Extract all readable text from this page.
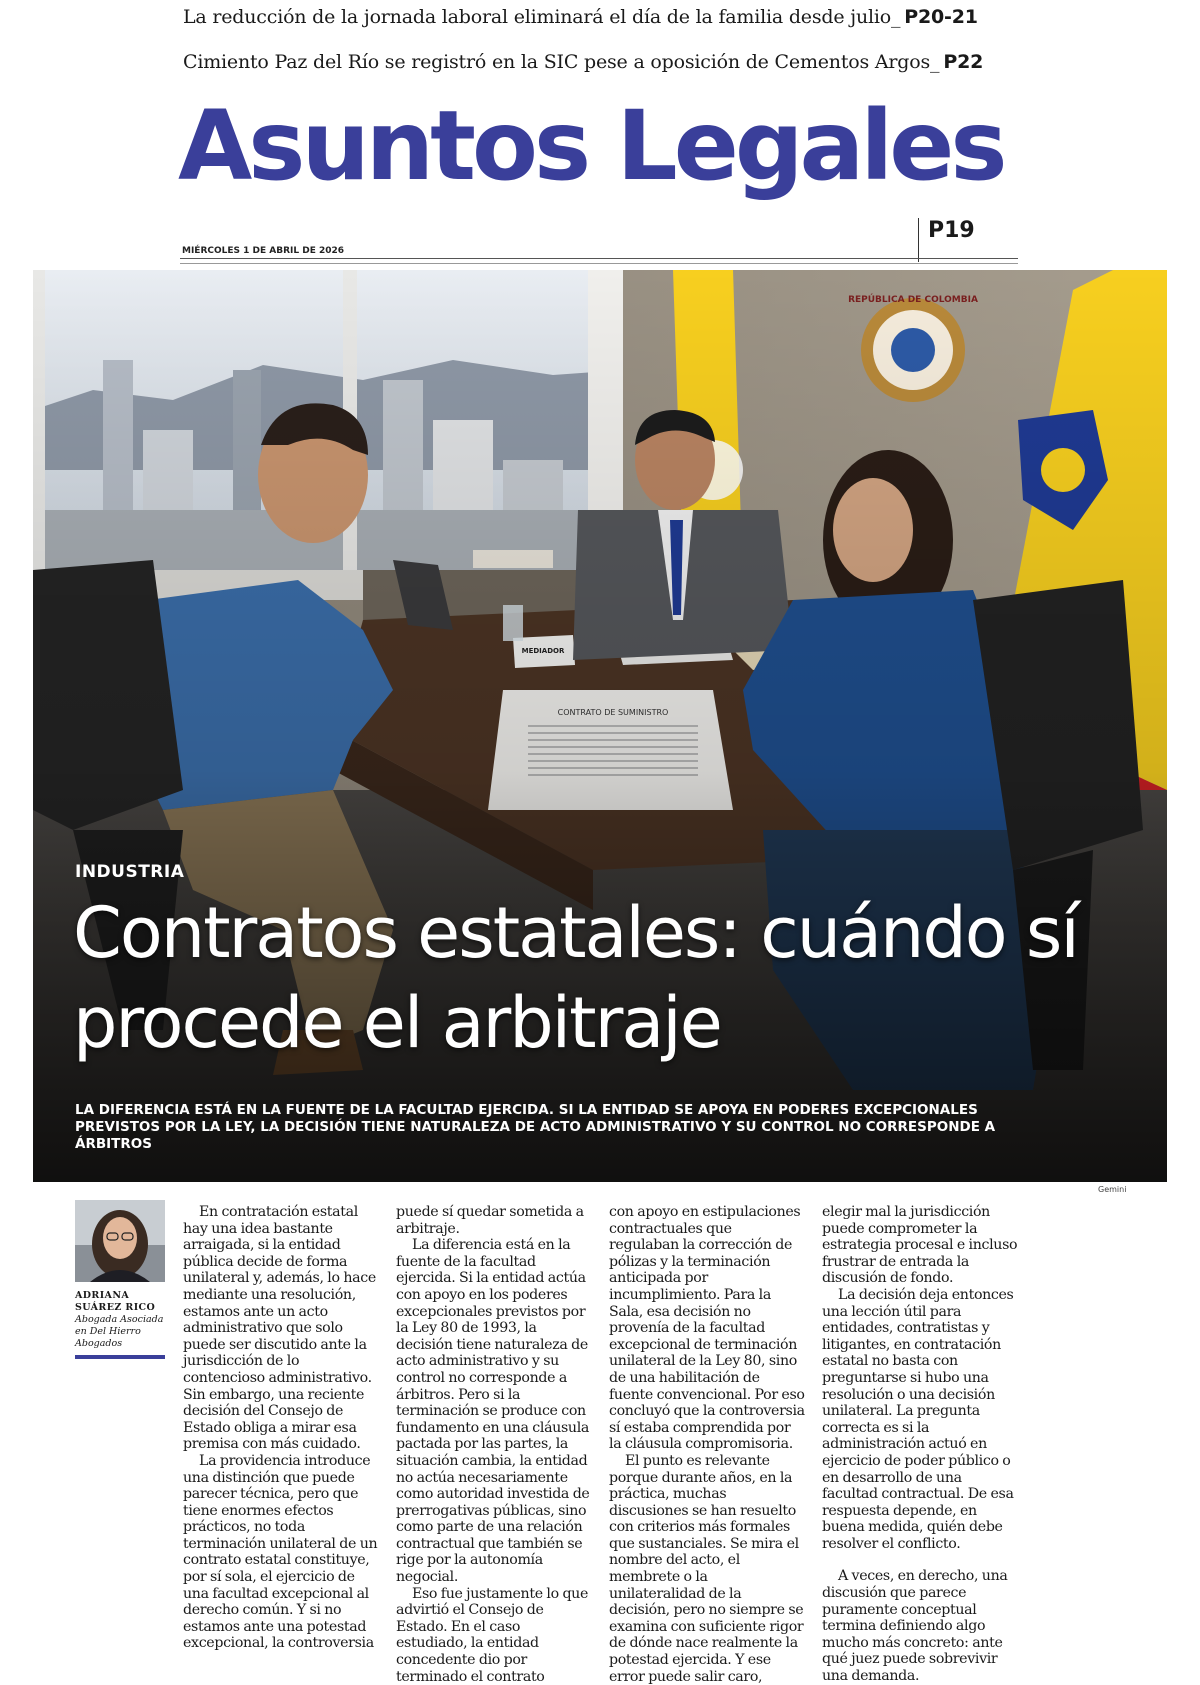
La reducción de la jornada laboral eliminará el día de la familia desde julio_ P20-21
Cimiento Paz del Río se registró en la SIC pese a oposición de Cementos Argos_ P22
Asuntos Legales
P19
MIÉRCOLES 1 DE ABRIL DE 2026
INDUSTRIA
Contratos estatales: cuándo sí procede el arbitraje
LA DIFERENCIA ESTÁ EN LA FUENTE DE LA FACULTAD EJERCIDA. SI LA ENTIDAD SE APOYA EN PODERES EXCEPCIONALES PREVISTOS POR LA LEY, LA DECISIÓN TIENE NATURALEZA DE ACTO ADMINISTRATIVO Y SU CONTROL NO CORRESPONDE A ÁRBITROS
Gemini
ADRIANA SUÁREZ RICO
Abogada Asociada en Del Hierro Abogados

En contratación estatal hay una idea bastante arraigada, si la entidad pública decide de forma unilateral y, además, lo hace mediante una resolución, estamos ante un acto administrativo que solo puede ser discutido ante la jurisdicción de lo contencioso administrativo. Sin embargo, una reciente decisión del Consejo de Estado obliga a mirar esa premisa con más cuidado.

La providencia introduce una distinción que puede parecer técnica, pero que tiene enormes efectos prácticos, no toda terminación unilateral de un contrato estatal constituye, por sí sola, el ejercicio de una facultad excepcional al derecho común. Y si no estamos ante una potestad excepcional, la controversia

puede sí quedar sometida a arbitraje.

La diferencia está en la fuente de la facultad ejercida. Si la entidad actúa con apoyo en los poderes excepcionales previstos por la Ley 80 de 1993, la decisión tiene naturaleza de acto administrativo y su control no corresponde a árbitros. Pero si la terminación se produce con fundamento en una cláusula pactada por las partes, la situación cambia, la entidad no actúa necesariamente como autoridad investida de prerrogativas públicas, sino como parte de una relación contractual que también se rige por la autonomía negocial.

Eso fue justamente lo que advirtió el Consejo de Estado. En el caso estudiado, la entidad concedente dio por terminado el contrato

con apoyo en estipulaciones contractuales que regulaban la corrección de pólizas y la terminación anticipada por incumplimiento. Para la Sala, esa decisión no provenía de la facultad excepcional de terminación unilateral de la Ley 80, sino de una habilitación de fuente convencional. Por eso concluyó que la controversia sí estaba comprendida por la cláusula compromisoria.

El punto es relevante porque durante años, en la práctica, muchas discusiones se han resuelto con criterios más formales que sustanciales. Se mira el nombre del acto, el membrete o la unilateralidad de la decisión, pero no siempre se examina con suficiente rigor de dónde nace realmente la potestad ejercida. Y ese error puede salir caro,

elegir mal la jurisdicción puede comprometer la estrategia procesal e incluso frustrar de entrada la discusión de fondo.

La decisión deja entonces una lección útil para entidades, contratistas y litigantes, en contratación estatal no basta con preguntarse si hubo una resolución o una decisión unilateral. La pregunta correcta es si la administración actuó en ejercicio de poder público o en desarrollo de una facultad contractual. De esa respuesta depende, en buena medida, quién debe resolver el conflicto.

A veces, en derecho, una discusión que parece puramente conceptual termina definiendo algo mucho más concreto: ante qué juez puede sobrevivir una demanda.
